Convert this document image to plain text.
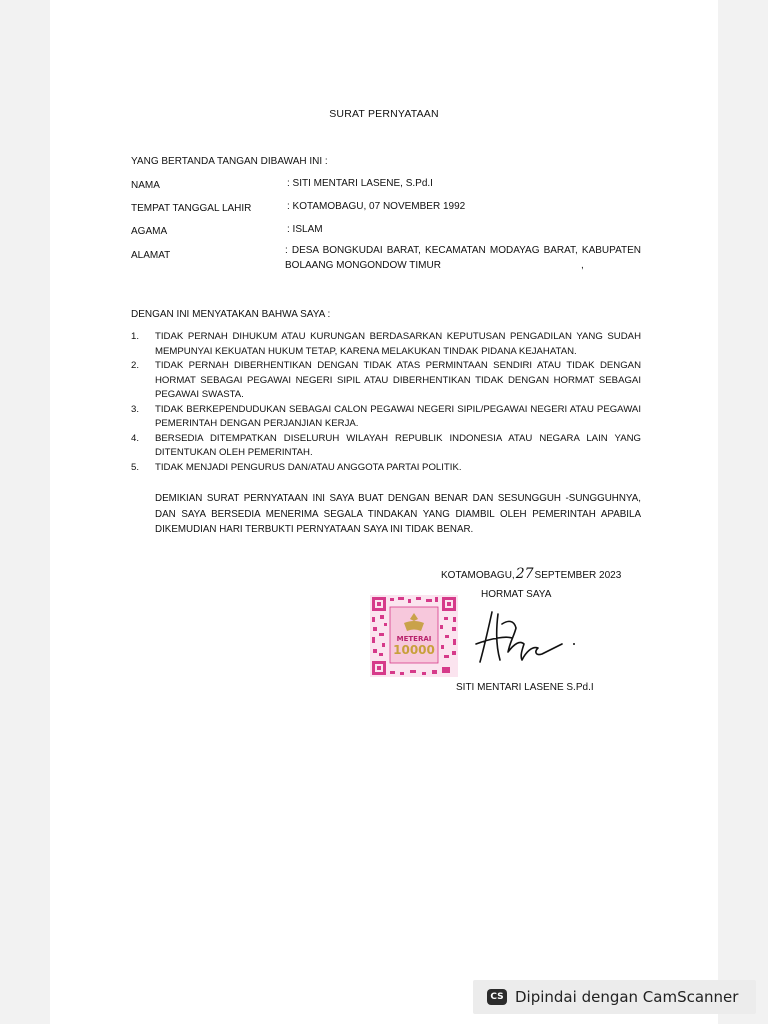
SURAT PERNYATAAN
YANG BERTANDA TANGAN DIBAWAH INI :
NAMA	: SITI MENTARI LASENE, S.Pd.I
TEMPAT TANGGAL LAHIR	: KOTAMOBAGU, 07 NOVEMBER 1992
AGAMA	: ISLAM
ALAMAT	: DESA BONGKUDAI BARAT, KECAMATAN MODAYAG BARAT, KABUPATEN
BOLAANG MONGONDOW TIMUR	,
DENGAN INI MENYATAKAN BAHWA SAYA :
1. TIDAK PERNAH DIHUKUM ATAU KURUNGAN BERDASARKAN KEPUTUSAN PENGADILAN YANG SUDAH MEMPUNYAI KEKUATAN HUKUM TETAP, KARENA MELAKUKAN TINDAK PIDANA KEJAHATAN.
2. TIDAK PERNAH DIBERHENTIKAN DENGAN TIDAK ATAS PERMINTAAN SENDIRI ATAU TIDAK DENGAN HORMAT SEBAGAI PEGAWAI NEGERI SIPIL ATAU DIBERHENTIKAN TIDAK DENGAN HORMAT SEBAGAI PEGAWAI SWASTA.
3. TIDAK BERKEPENDUDUKAN SEBAGAI CALON PEGAWAI NEGERI SIPIL/PEGAWAI NEGERI ATAU PEGAWAI PEMERINTAH DENGAN PERJANJIAN KERJA.
4. BERSEDIA DITEMPATKAN DISELURUH WILAYAH REPUBLIK INDONESIA ATAU NEGARA LAIN YANG DITENTUKAN OLEH PEMERINTAH.
5. TIDAK MENJADI PENGURUS DAN/ATAU ANGGOTA PARTAI POLITIK.
DEMIKIAN SURAT PERNYATAAN INI SAYA BUAT DENGAN BENAR DAN SESUNGGUH -SUNGGUHNYA, DAN SAYA BERSEDIA MENERIMA SEGALA TINDAKAN YANG DIAMBIL OLEH PEMERINTAH APABILA DIKEMUDIAN HARI TERBUKTI PERNYATAAN SAYA INI TIDAK BENAR.
KOTAMOBAGU,27SEPTEMBER 2023
HORMAT SAYA
METERAI
10000
SITI MENTARI LASENE S.Pd.I
CS Dipindai dengan CamScanner
